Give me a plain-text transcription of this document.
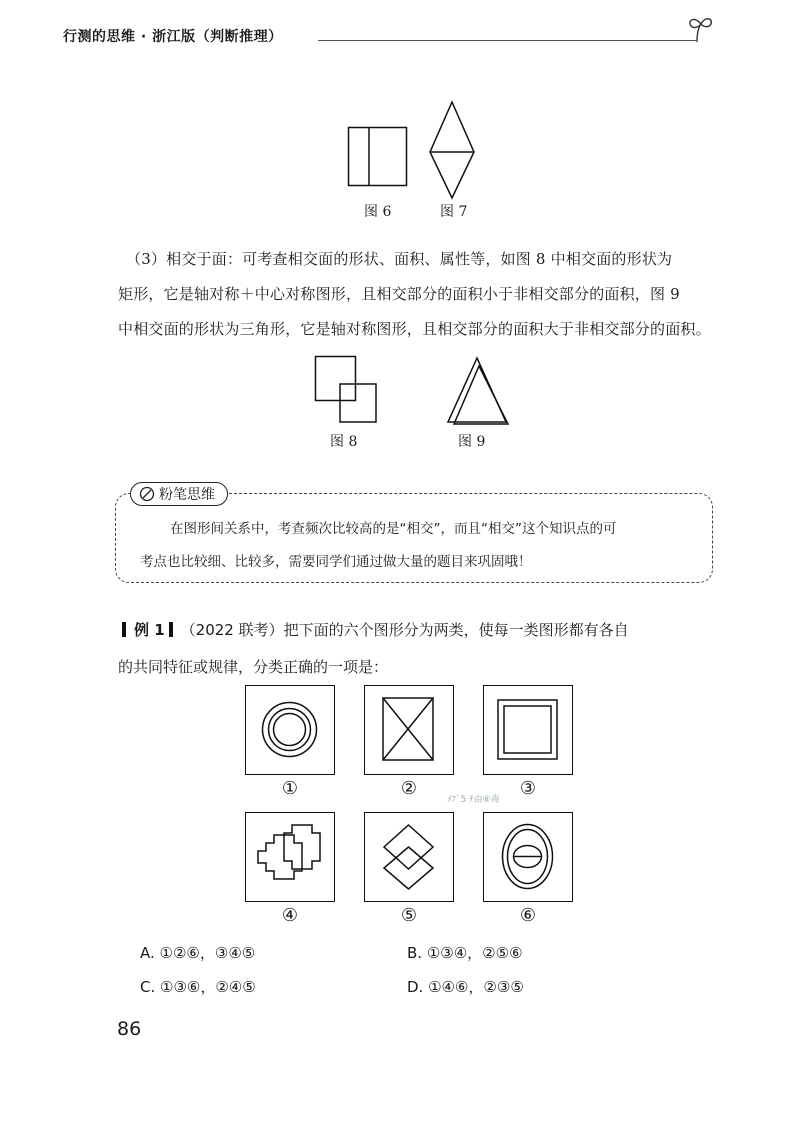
行测的思维 · 浙江版（判断推理）
图 6	图 7

（3）相交于面：可考查相交面的形状、面积、属性等，如图 8 中相交面的形状为

矩形，它是轴对称＋中心对称图形，且相交部分的面积小于非相交部分的面积，图 9

中相交面的形状为三角形，它是轴对称图形，且相交部分的面积大于非相交部分的面积。

图 8	图 9
粉笔思维

在图形间关系中，考查频次比较高的是“相交”，而且“相交”这个知识点的可

考点也比较细、比较多，需要同学们通过做大量的题目来巩固哦！

例 1 （2022 联考）把下面的六个图形分为两类，使每一类图形都有各自

的共同特征或规律，分类正确的一项是：

①	②	③
④	⑤	⑥
ﾒﾌﾞ5 ﾁ由⑥毒
A. ①②⑥，③④⑤	B. ①③④，②⑤⑥
C. ①③⑥，②④⑤	D. ①④⑥，②③⑤
86
